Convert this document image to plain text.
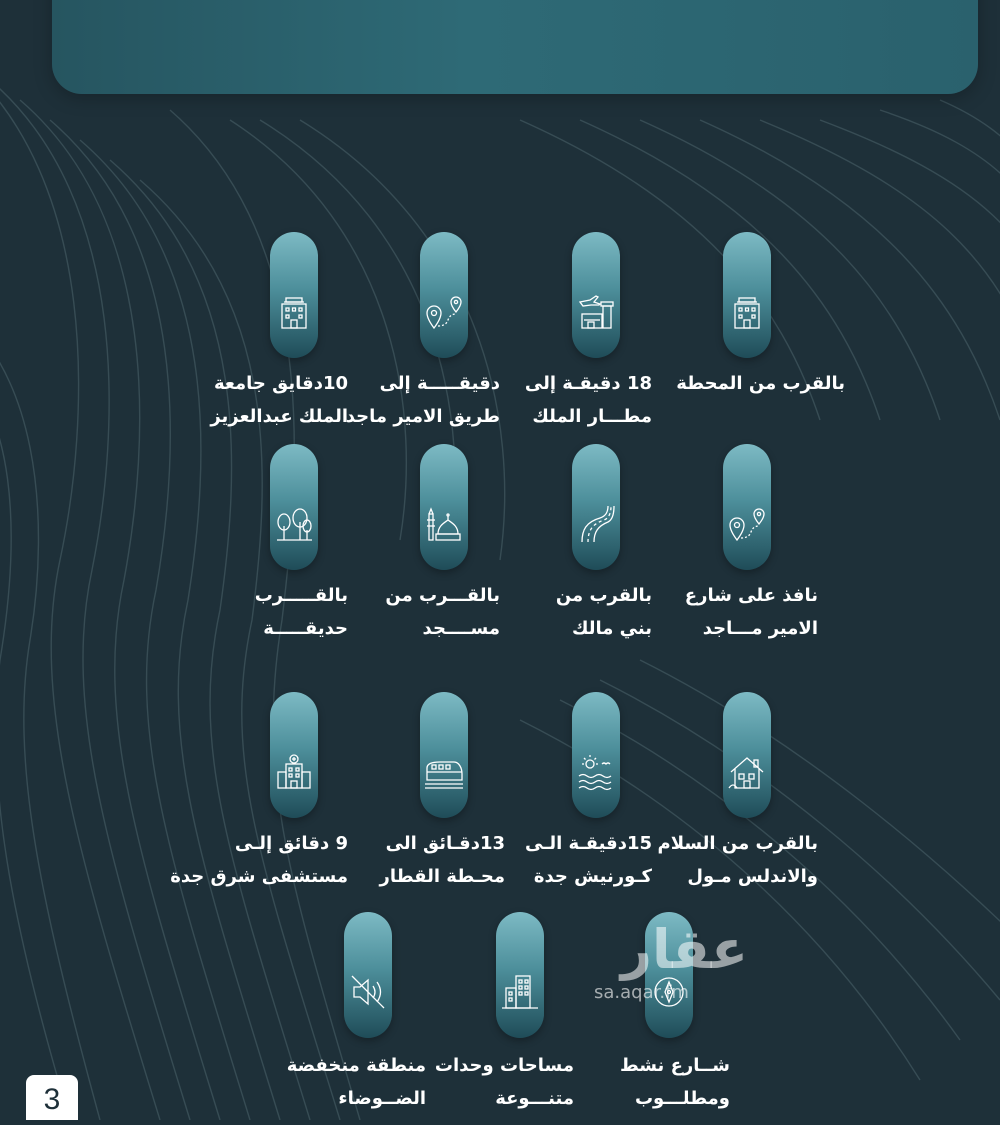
بالقرب من المحطة
18 دقيقـة إلى
مطـــار الملك
دقيقـــــة إلى
طريق الامير ماجد
10دقايق جامعة
الملك عبدالعزيز
نافذ على شارع
الامير مـــاجد
بالقرب من
بني مالك
بالقـــرب من
مســــجد
بالقـــــرب
حديقـــــة
بالقرب من السلام
والاندلس مـول
15دقيقـة الـى
كـورنيش جدة
13دقـائق الى
محـطة القطار
9 دقائق إلـى
مستشفى شرق جدة
شــارع نشط
ومطلـــوب
مساحات وحدات
متنـــوعة
منطقة منخفضة
الضــوضاء
عقار
sa.aqar.fm
3
